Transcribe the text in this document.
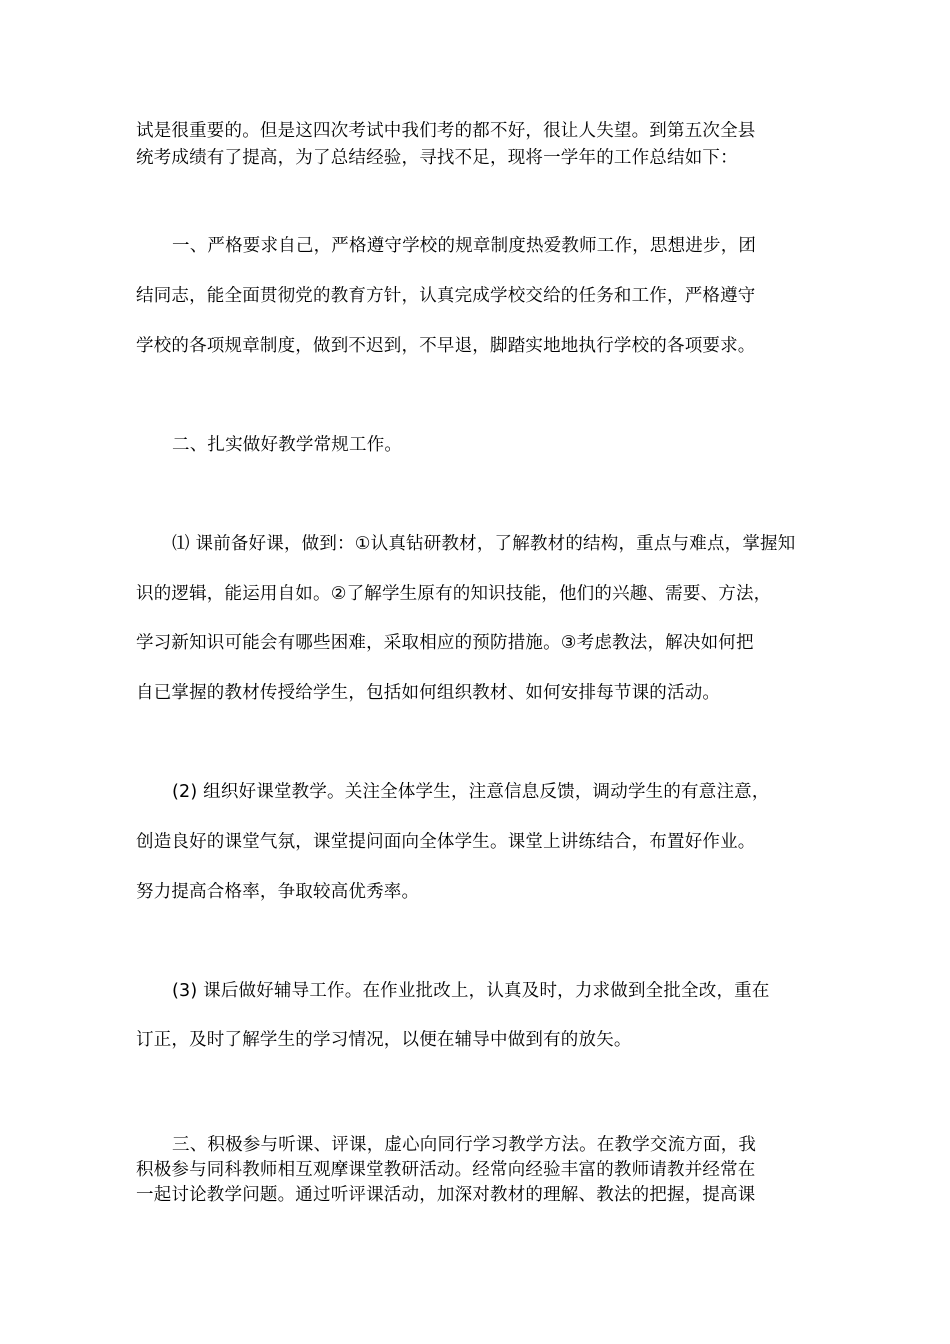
试是很重要的。但是这四次考试中我们考的都不好，很让人失望。到第五次全县
统考成绩有了提高，为了总结经验，寻找不足，现将一学年的工作总结如下：
一、严格要求自己，严格遵守学校的规章制度热爱教师工作，思想进步，团
结同志，能全面贯彻党的教育方针，认真完成学校交给的任务和工作，严格遵守
学校的各项规章制度，做到不迟到，不早退，脚踏实地地执行学校的各项要求。
二、扎实做好教学常规工作。
⑴ 课前备好课，做到：①认真钻研教材，了解教材的结构，重点与难点，掌握知
识的逻辑，能运用自如。②了解学生原有的知识技能，他们的兴趣、需要、方法，
学习新知识可能会有哪些困难，采取相应的预防措施。③考虑教法，解决如何把
自已掌握的教材传授给学生，包括如何组织教材、如何安排每节课的活动。
(2) 组织好课堂教学。关注全体学生，注意信息反馈，调动学生的有意注意，
创造良好的课堂气氛，课堂提问面向全体学生。课堂上讲练结合，布置好作业。
努力提高合格率，争取较高优秀率。
(3) 课后做好辅导工作。在作业批改上，认真及时，力求做到全批全改，重在
订正，及时了解学生的学习情况，以便在辅导中做到有的放矢。
三、积极参与听课、评课，虚心向同行学习教学方法。在教学交流方面，我
积极参与同科教师相互观摩课堂教研活动。经常向经验丰富的教师请教并经常在
一起讨论教学问题。通过听评课活动，加深对教材的理解、教法的把握，提高课
